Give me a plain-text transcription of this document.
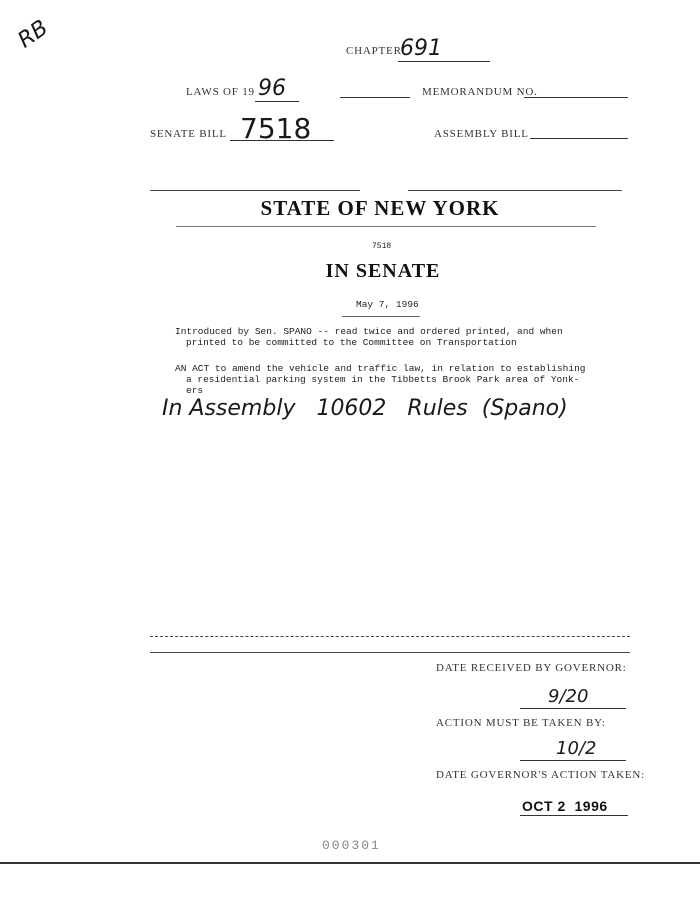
RB	CHAPTER
691
LAWS OF 19 96	MEMORANDUM NO.
SENATE BILL 7518	ASSEMBLY BILL
STATE OF NEW YORK
7518
IN SENATE
May 7, 1996
Introduced by Sen. SPANO -- read twice and ordered printed, and when
printed to be committed to the Committee on Transportation
AN ACT to amend the vehicle and traffic law, in relation to establishing
a residential parking system in the Tibbetts Brook Park area of Yonk-
ers
In Assembly   10602   Rules  (Spano)
DATE RECEIVED BY GOVERNOR:
9/20
ACTION MUST BE TAKEN BY:
10/2
DATE GOVERNOR'S ACTION TAKEN:
OCT 2  1996
000301
